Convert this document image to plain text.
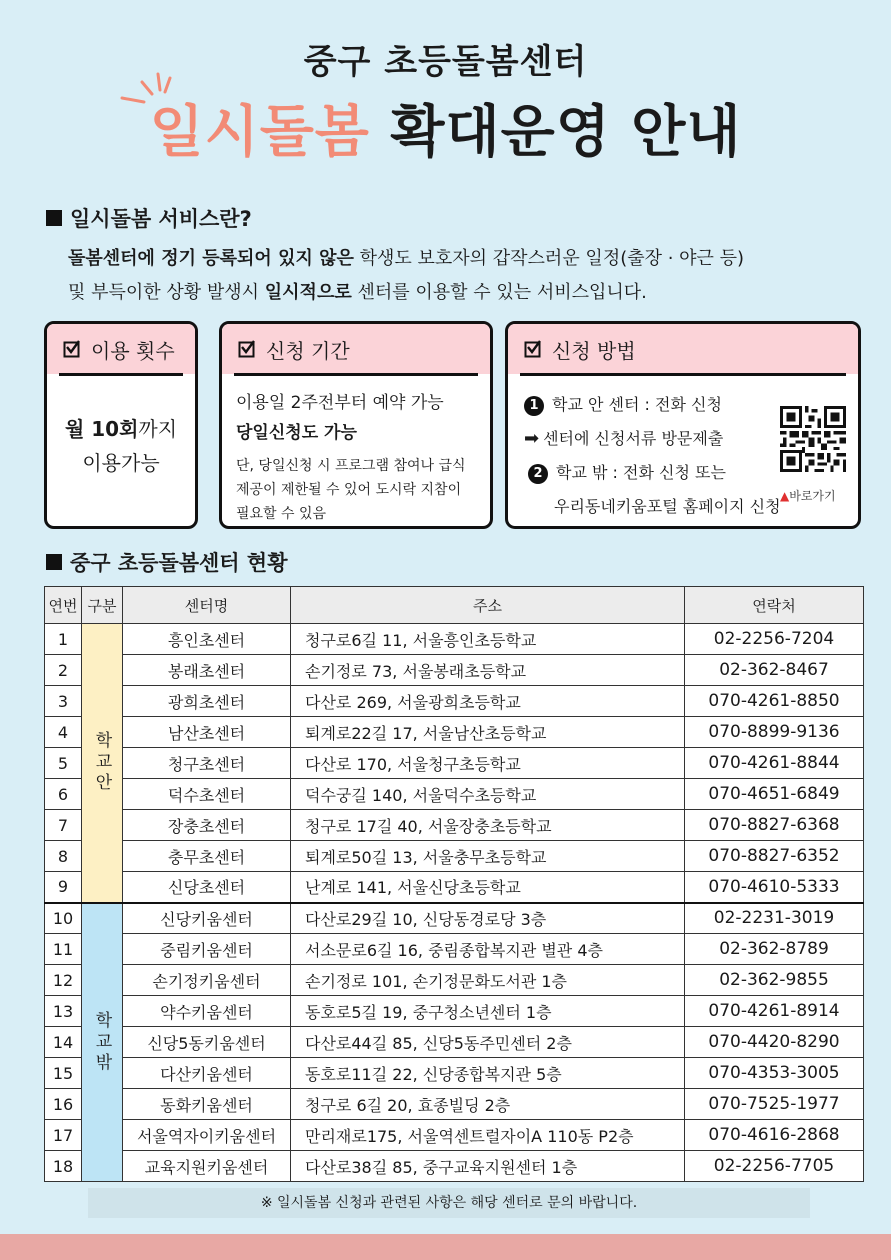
중구 초등돌봄센터
일시돌봄 확대운영 안내
일시돌봄 서비스란?
돌봄센터에 정기 등록되어 있지 않은 학생도 보호자의 갑작스러운 일정(출장 · 야근 등)
및 부득이한 상황 발생시 일시적으로 센터를 이용할 수 있는 서비스입니다.
이용 횟수
월 10회까지
이용가능
신청 기간
이용일 2주전부터 예약 가능
당일신청도 가능
단, 당일신청 시 프로그램 참여나 급식
제공이 제한될 수 있어 도시락 지참이
필요할 수 있음
신청 방법
1 학교 안 센터 : 전화 신청
➡ 센터에 신청서류 방문제출
2 학교 밖 : 전화 신청 또는
우리동네키움포털 홈페이지 신청
▲바로가기
중구 초등돌봄센터 현황
연번	구분	센터명	주소	연락처
1	학교안	흥인초센터	청구로6길 11, 서울흥인초등학교	02-2256-7204
2		봉래초센터	손기정로 73, 서울봉래초등학교	02-362-8467
3		광희초센터	다산로 269, 서울광희초등학교	070-4261-8850
4		남산초센터	퇴계로22길 17, 서울남산초등학교	070-8899-9136
5		청구초센터	다산로 170, 서울청구초등학교	070-4261-8844
6		덕수초센터	덕수궁길 140, 서울덕수초등학교	070-4651-6849
7		장충초센터	청구로 17길 40, 서울장충초등학교	070-8827-6368
8		충무초센터	퇴계로50길 13, 서울충무초등학교	070-8827-6352
9		신당초센터	난계로 141, 서울신당초등학교	070-4610-5333
10	학교밖	신당키움센터	다산로29길 10, 신당동경로당 3층	02-2231-3019
11		중림키움센터	서소문로6길 16, 중림종합복지관 별관 4층	02-362-8789
12		손기정키움센터	손기정로 101, 손기정문화도서관 1층	02-362-9855
13		약수키움센터	동호로5길 19, 중구청소년센터 1층	070-4261-8914
14		신당5동키움센터	다산로44길 85, 신당5동주민센터 2층	070-4420-8290
15		다산키움센터	동호로11길 22, 신당종합복지관 5층	070-4353-3005
16		동화키움센터	청구로 6길 20, 효종빌딩 2층	070-7525-1977
17		서울역자이키움센터	만리재로175, 서울역센트럴자이A 110동 P2층	070-4616-2868
18		교육지원키움센터	다산로38길 85, 중구교육지원센터 1층	02-2256-7705
※ 일시돌봄 신청과 관련된 사항은 해당 센터로 문의 바랍니다.
